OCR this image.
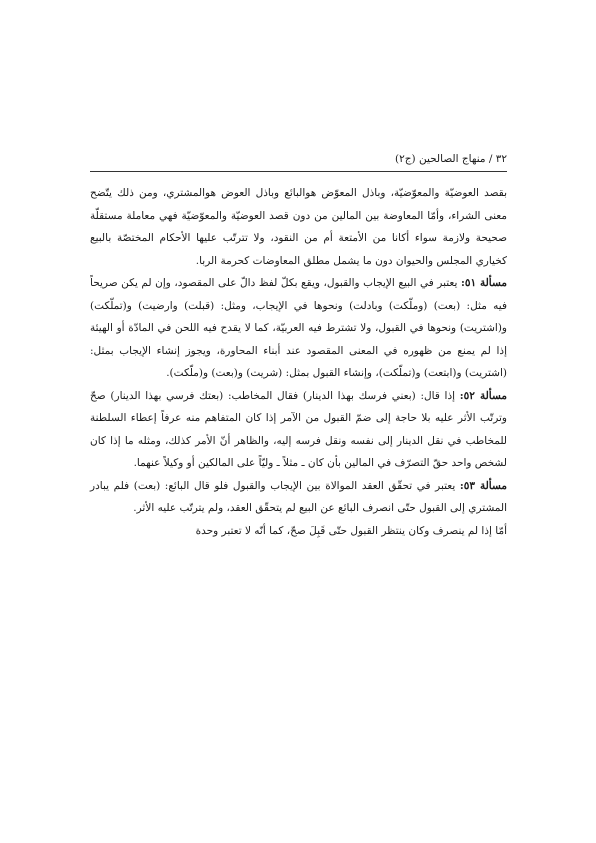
٣٢ / منهاج الصالحين (ج٢)

بقصد العوضيّة والمعوّضيّة، وباذل المعوّض هوالبائع وباذل العوض هوالمشتري، ومن ذلك يتّضح معنى الشراء، وأمّا المعاوضة بين المالين من دون قصد العوضيّة والمعوّضيّة فهي معاملة مستقلّة صحيحة ولازمة سواء أكانا من الأمتعة أم من النقود، ولا تترتّب عليها الأحكام المختصّة بالبيع كخياري المجلس والحيوان دون ما يشمل مطلق المعاوضات كحرمة الربا.

مسألة ٥١: يعتبر في البيع الإيجاب والقبول، ويقع بكلّ لفظ دالّ على المقصود، وإن لم يكن صريحاً فيه مثل: (بعت) (وملّكت) وبادلت) ونحوها في الإيجاب، ومثل: (قبلت) وارضيت) و(تملّكت) و(اشتريت) ونحوها في القبول، ولا تشترط فيه العربيّة، كما لا يقدح فيه اللحن في المادّة أو الهيئة إذا لم يمنع من ظهوره في المعنى المقصود عند أبناء المحاورة، ويجوز إنشاء الإيجاب بمثل: (اشتريت) و(ابتعت) و(تملّكت)، وإنشاء القبول بمثل: (شريت) و(بعت) و(ملّكت).

مسألة ٥٢: إذا قال: (بعني فرسك بهذا الدينار) فقال المخاطب: (بعتك فرسي بهذا الدينار) صحّ وترتّب الأثر عليه بلا حاجة إلى ضمّ القبول من الآمر إذا كان المتفاهم منه عرفاً إعطاء السلطنة للمخاطب في نقل الدينار إلى نفسه ونقل فرسه إليه، والظاهر أنّ الأمر كذلك، ومثله ما إذا كان لشخص واحد حقّ التصرّف في المالين بأن كان ـ مثلاً ـ وليّاً على المالكين أو وكيلاً عنهما.

مسألة ٥٣: يعتبر في تحقّق العقد الموالاة بين الإيجاب والقبول فلو قال البائع: (بعت) فلم يبادر المشتري إلى القبول حتّى انصرف البائع عن البيع لم يتحقّق العقد، ولم يترتّب عليه الأثر.

أمّا إذا لم ينصرف وكان ينتظر القبول حتّى قَبِلَ صحّ، كما أنّه لا تعتبر وحدة
